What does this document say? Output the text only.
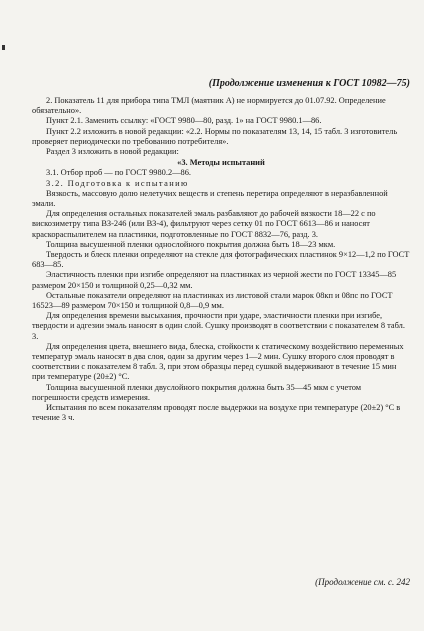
(Продолжение изменения к ГОСТ 10982—75)

2. Показатель 11 для прибора типа ТМЛ (маятник А) не нормируется до 01.07.92. Определение обязательно».

Пункт 2.1. Заменить ссылку: «ГОСТ 9980—80, разд. 1» на ГОСТ 9980.1—86.

Пункт 2.2 изложить в новой редакции: «2.2. Нормы по показателям 13, 14, 15 табл. 3 изготовитель проверяет периодически по требованию потребителя».

Раздел 3 изложить в новой редакции:

«3. Методы испытаний

3.1. Отбор проб — по ГОСТ 9980.2—86.

3.2. Подготовка к испытанию

Вязкость, массовую долю нелетучих веществ и степень перетира определяют в неразбавленной эмали.

Для определения остальных показателей эмаль разбавляют до рабочей вязкости 18—22 с по вискозиметру типа ВЗ-246 (или ВЗ-4), фильтруют через сетку 01 по ГОСТ 6613—86 и наносят краскораспылителем на пластинки, подготовленные по ГОСТ 8832—76, разд. 3.

Толщина высушенной пленки однослойного покрытия должна быть 18—23 мкм.

Твердость и блеск пленки определяют на стекле для фотографических пластинок 9×12—1,2 по ГОСТ 683—85.

Эластичность пленки при изгибе определяют на пластинках из черной жести по ГОСТ 13345—85 размером 20×150 и толщиной 0,25—0,32 мм.

Остальные показатели определяют на пластинках из листовой стали марок 08кп и 08пс по ГОСТ 16523—89 размером 70×150 и толщиной 0,8—0,9 мм.

Для определения времени высыхания, прочности при ударе, эластичности пленки при изгибе, твердости и адгезии эмаль наносят в один слой. Сушку производят в соответствии с показателем 8 табл. 3.

Для определения цвета, внешнего вида, блеска, стойкости к статическому воздействию переменных температур эмаль наносят в два слоя, один за другим через 1—2 мин. Сушку второго слоя проводят в соответствии с показателем 8 табл. 3, при этом образцы перед сушкой выдерживают в течение 15 мин при температуре (20±2) °С.

Толщина высушенной пленки двуслойного покрытия должна быть 35—45 мкм с учетом погрешности средств измерения.

Испытания по всем показателям проводят после выдержки на воздухе при температуре (20±2) °С в течение 3 ч.

(Продолжение см. с. 242
